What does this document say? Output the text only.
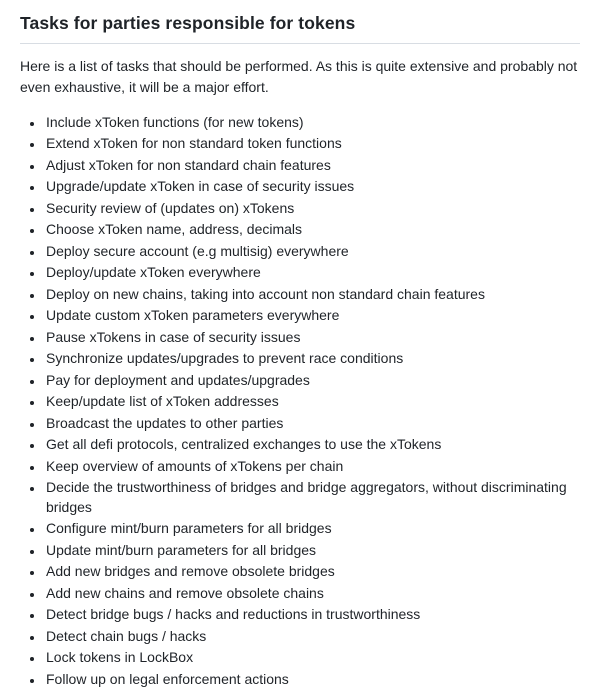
Tasks for parties responsible for tokens

Here is a list of tasks that should be performed. As this is quite extensive and probably not even exhaustive, it will be a major effort.

• Include xToken functions (for new tokens)
• Extend xToken for non standard token functions
• Adjust xToken for non standard chain features
• Upgrade/update xToken in case of security issues
• Security review of (updates on) xTokens
• Choose xToken name, address, decimals
• Deploy secure account (e.g multisig) everywhere
• Deploy/update xToken everywhere
• Deploy on new chains, taking into account non standard chain features
• Update custom xToken parameters everywhere
• Pause xTokens in case of security issues
• Synchronize updates/upgrades to prevent race conditions
• Pay for deployment and updates/upgrades
• Keep/update list of xToken addresses
• Broadcast the updates to other parties
• Get all defi protocols, centralized exchanges to use the xTokens
• Keep overview of amounts of xTokens per chain
• Decide the trustworthiness of bridges and bridge aggregators, without discriminating bridges
• Configure mint/burn parameters for all bridges
• Update mint/burn parameters for all bridges
• Add new bridges and remove obsolete bridges
• Add new chains and remove obsolete chains
• Detect bridge bugs / hacks and reductions in trustworthiness
• Detect chain bugs / hacks
• Lock tokens in LockBox
• Follow up on legal enforcement actions
